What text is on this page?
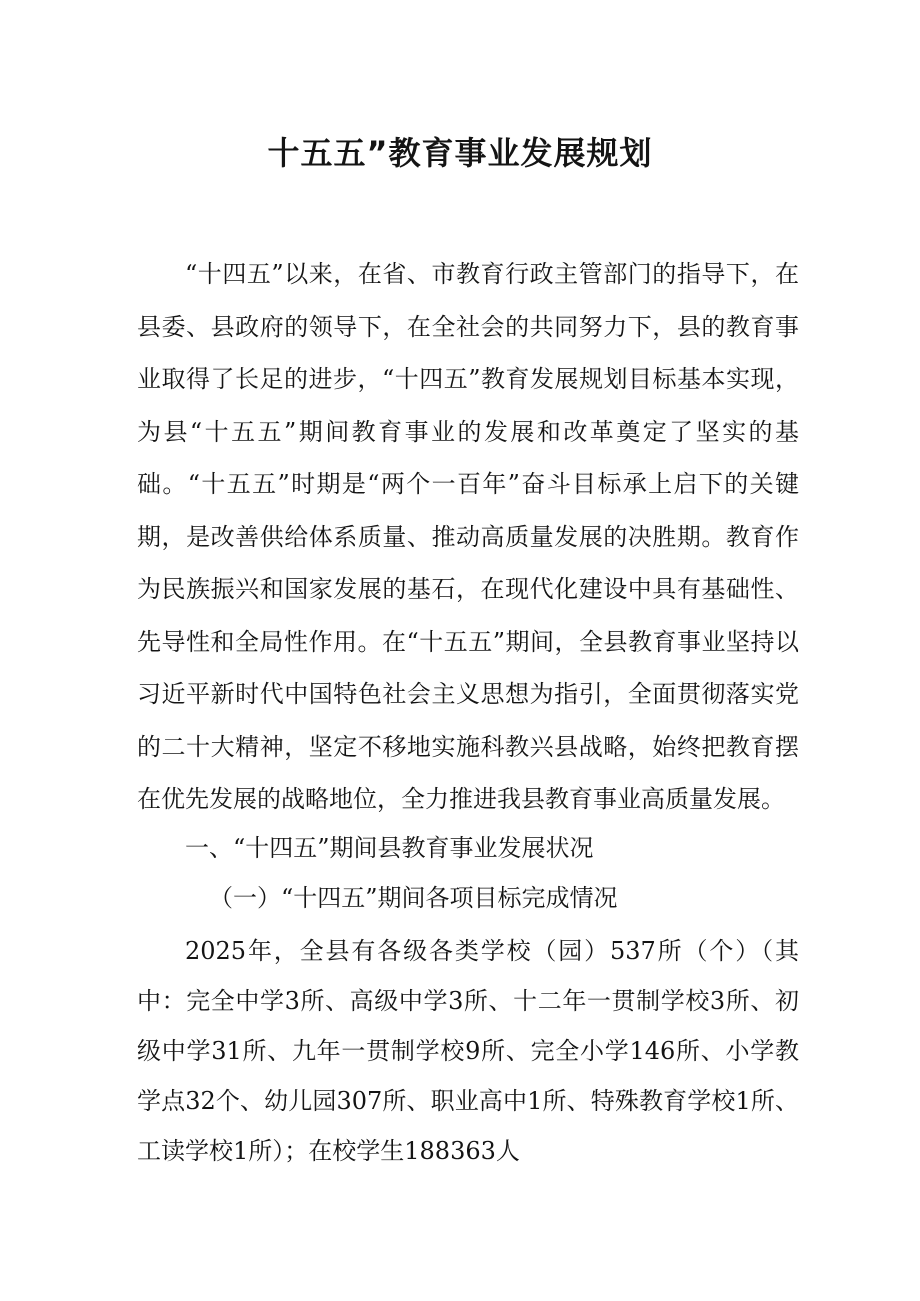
十五五”教育事业发展规划

“十四五”以来，在省、市教育行政主管部门的指导下，在县委、县政府的领导下，在全社会的共同努力下，县的教育事业取得了长足的进步，“十四五”教育发展规划目标基本实现，为县“十五五”期间教育事业的发展和改革奠定了坚实的基础。“十五五”时期是“两个一百年”奋斗目标承上启下的关键期，是改善供给体系质量、推动高质量发展的决胜期。教育作为民族振兴和国家发展的基石，在现代化建设中具有基础性、先导性和全局性作用。在“十五五”期间，全县教育事业坚持以习近平新时代中国特色社会主义思想为指引，全面贯彻落实党的二十大精神，坚定不移地实施科教兴县战略，始终把教育摆在优先发展的战略地位，全力推进我县教育事业高质量发展。

一、“十四五”期间县教育事业发展状况

（一）“十四五”期间各项目标完成情况

2025年，全县有各级各类学校（园）537所（个）（其中：完全中学3所、高级中学3所、十二年一贯制学校3所、初级中学31所、九年一贯制学校9所、完全小学146所、小学教学点32个、幼儿园307所、职业高中1所、特殊教育学校1所、工读学校1所）；在校学生188363人
